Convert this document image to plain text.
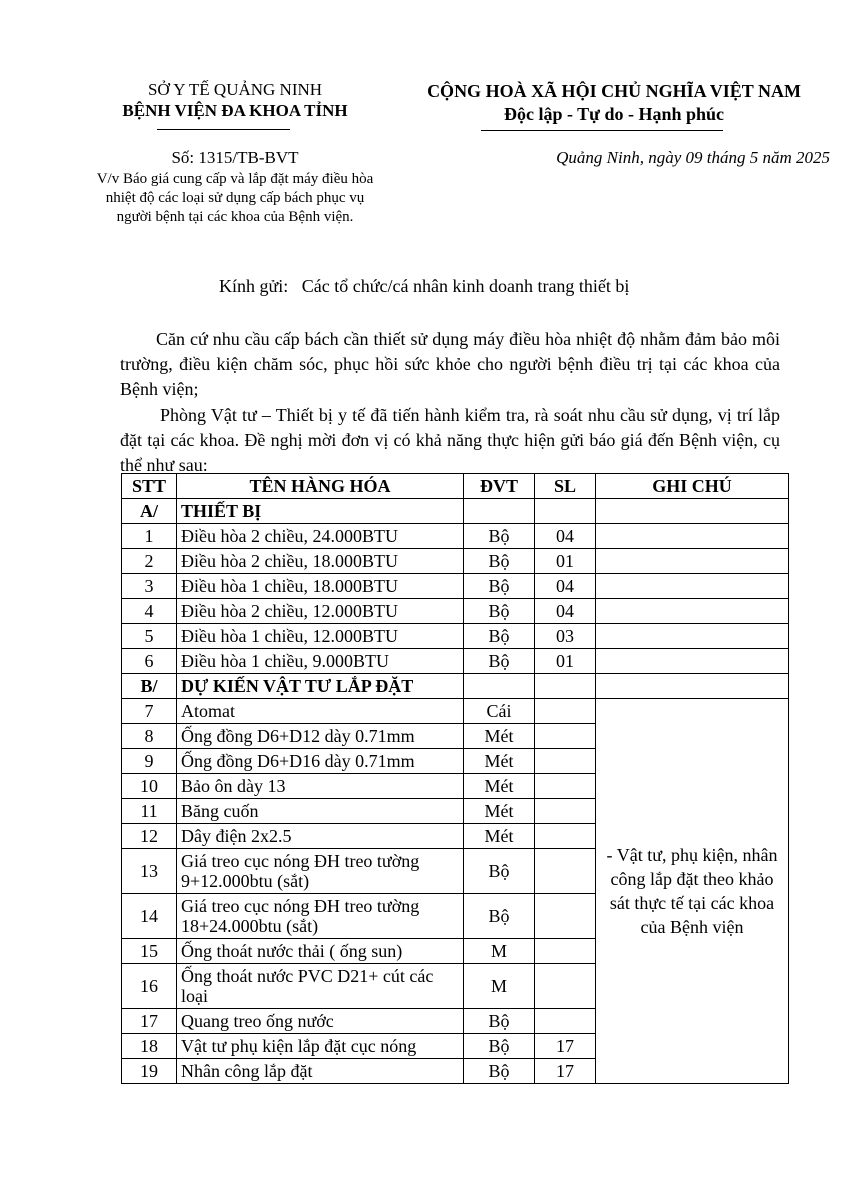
SỞ Y TẾ QUẢNG NINH
BỆNH VIỆN ĐA KHOA TỈNH
CỘNG HOÀ XÃ HỘI CHỦ NGHĨA VIỆT NAM
Độc lập - Tự do - Hạnh phúc
Số: 1315/TB-BVT
V/v Báo giá cung cấp và lắp đặt máy điều hòa
nhiệt độ các loại sử dụng cấp bách phục vụ
người bệnh tại các khoa của Bệnh viện.
Quảng Ninh, ngày 09 tháng 5 năm 2025
Kính gửi: Các tổ chức/cá nhân kinh doanh trang thiết bị
Căn cứ nhu cầu cấp bách cần thiết sử dụng máy điều hòa nhiệt độ nhằm đảm bảo môi trường, điều kiện chăm sóc, phục hồi sức khỏe cho người bệnh điều trị tại các khoa của Bệnh viện;
Phòng Vật tư – Thiết bị y tế đã tiến hành kiểm tra, rà soát nhu cầu sử dụng, vị trí lắp đặt tại các khoa. Đề nghị mời đơn vị có khả năng thực hiện gửi báo giá đến Bệnh viện, cụ thể như sau:
STT	TÊN HÀNG HÓA	ĐVT	SL	GHI CHÚ
A/	THIẾT BỊ			
1	Điều hòa 2 chiều, 24.000BTU	Bộ	04	
2	Điều hòa 2 chiều, 18.000BTU	Bộ	01	
3	Điều hòa 1 chiều, 18.000BTU	Bộ	04	
4	Điều hòa 2 chiều, 12.000BTU	Bộ	04	
5	Điều hòa 1 chiều, 12.000BTU	Bộ	03	
6	Điều hòa 1 chiều, 9.000BTU	Bộ	01	
B/	DỰ KIẾN VẬT TƯ LẮP ĐẶT			
7	Atomat	Cái		- Vật tư, phụ kiện, nhân công lắp đặt theo khảo sát thực tế tại các khoa của Bệnh viện
8	Ống đồng D6+D12 dày 0.71mm	Mét		
9	Ống đồng D6+D16 dày 0.71mm	Mét		
10	Bảo ôn dày 13	Mét		
11	Băng cuốn	Mét		
12	Dây điện 2x2.5	Mét		
13	Giá treo cục nóng ĐH treo tường 9+12.000btu (sắt)	Bộ		
14	Giá treo cục nóng ĐH treo tường 18+24.000btu (sắt)	Bộ		
15	Ống thoát nước thải ( ống sun)	M		
16	Ống thoát nước PVC D21+ cút các loại	M		
17	Quang treo ống nước	Bộ		
18	Vật tư phụ kiện lắp đặt cục nóng	Bộ	17	
19	Nhân công lắp đặt	Bộ	17	
